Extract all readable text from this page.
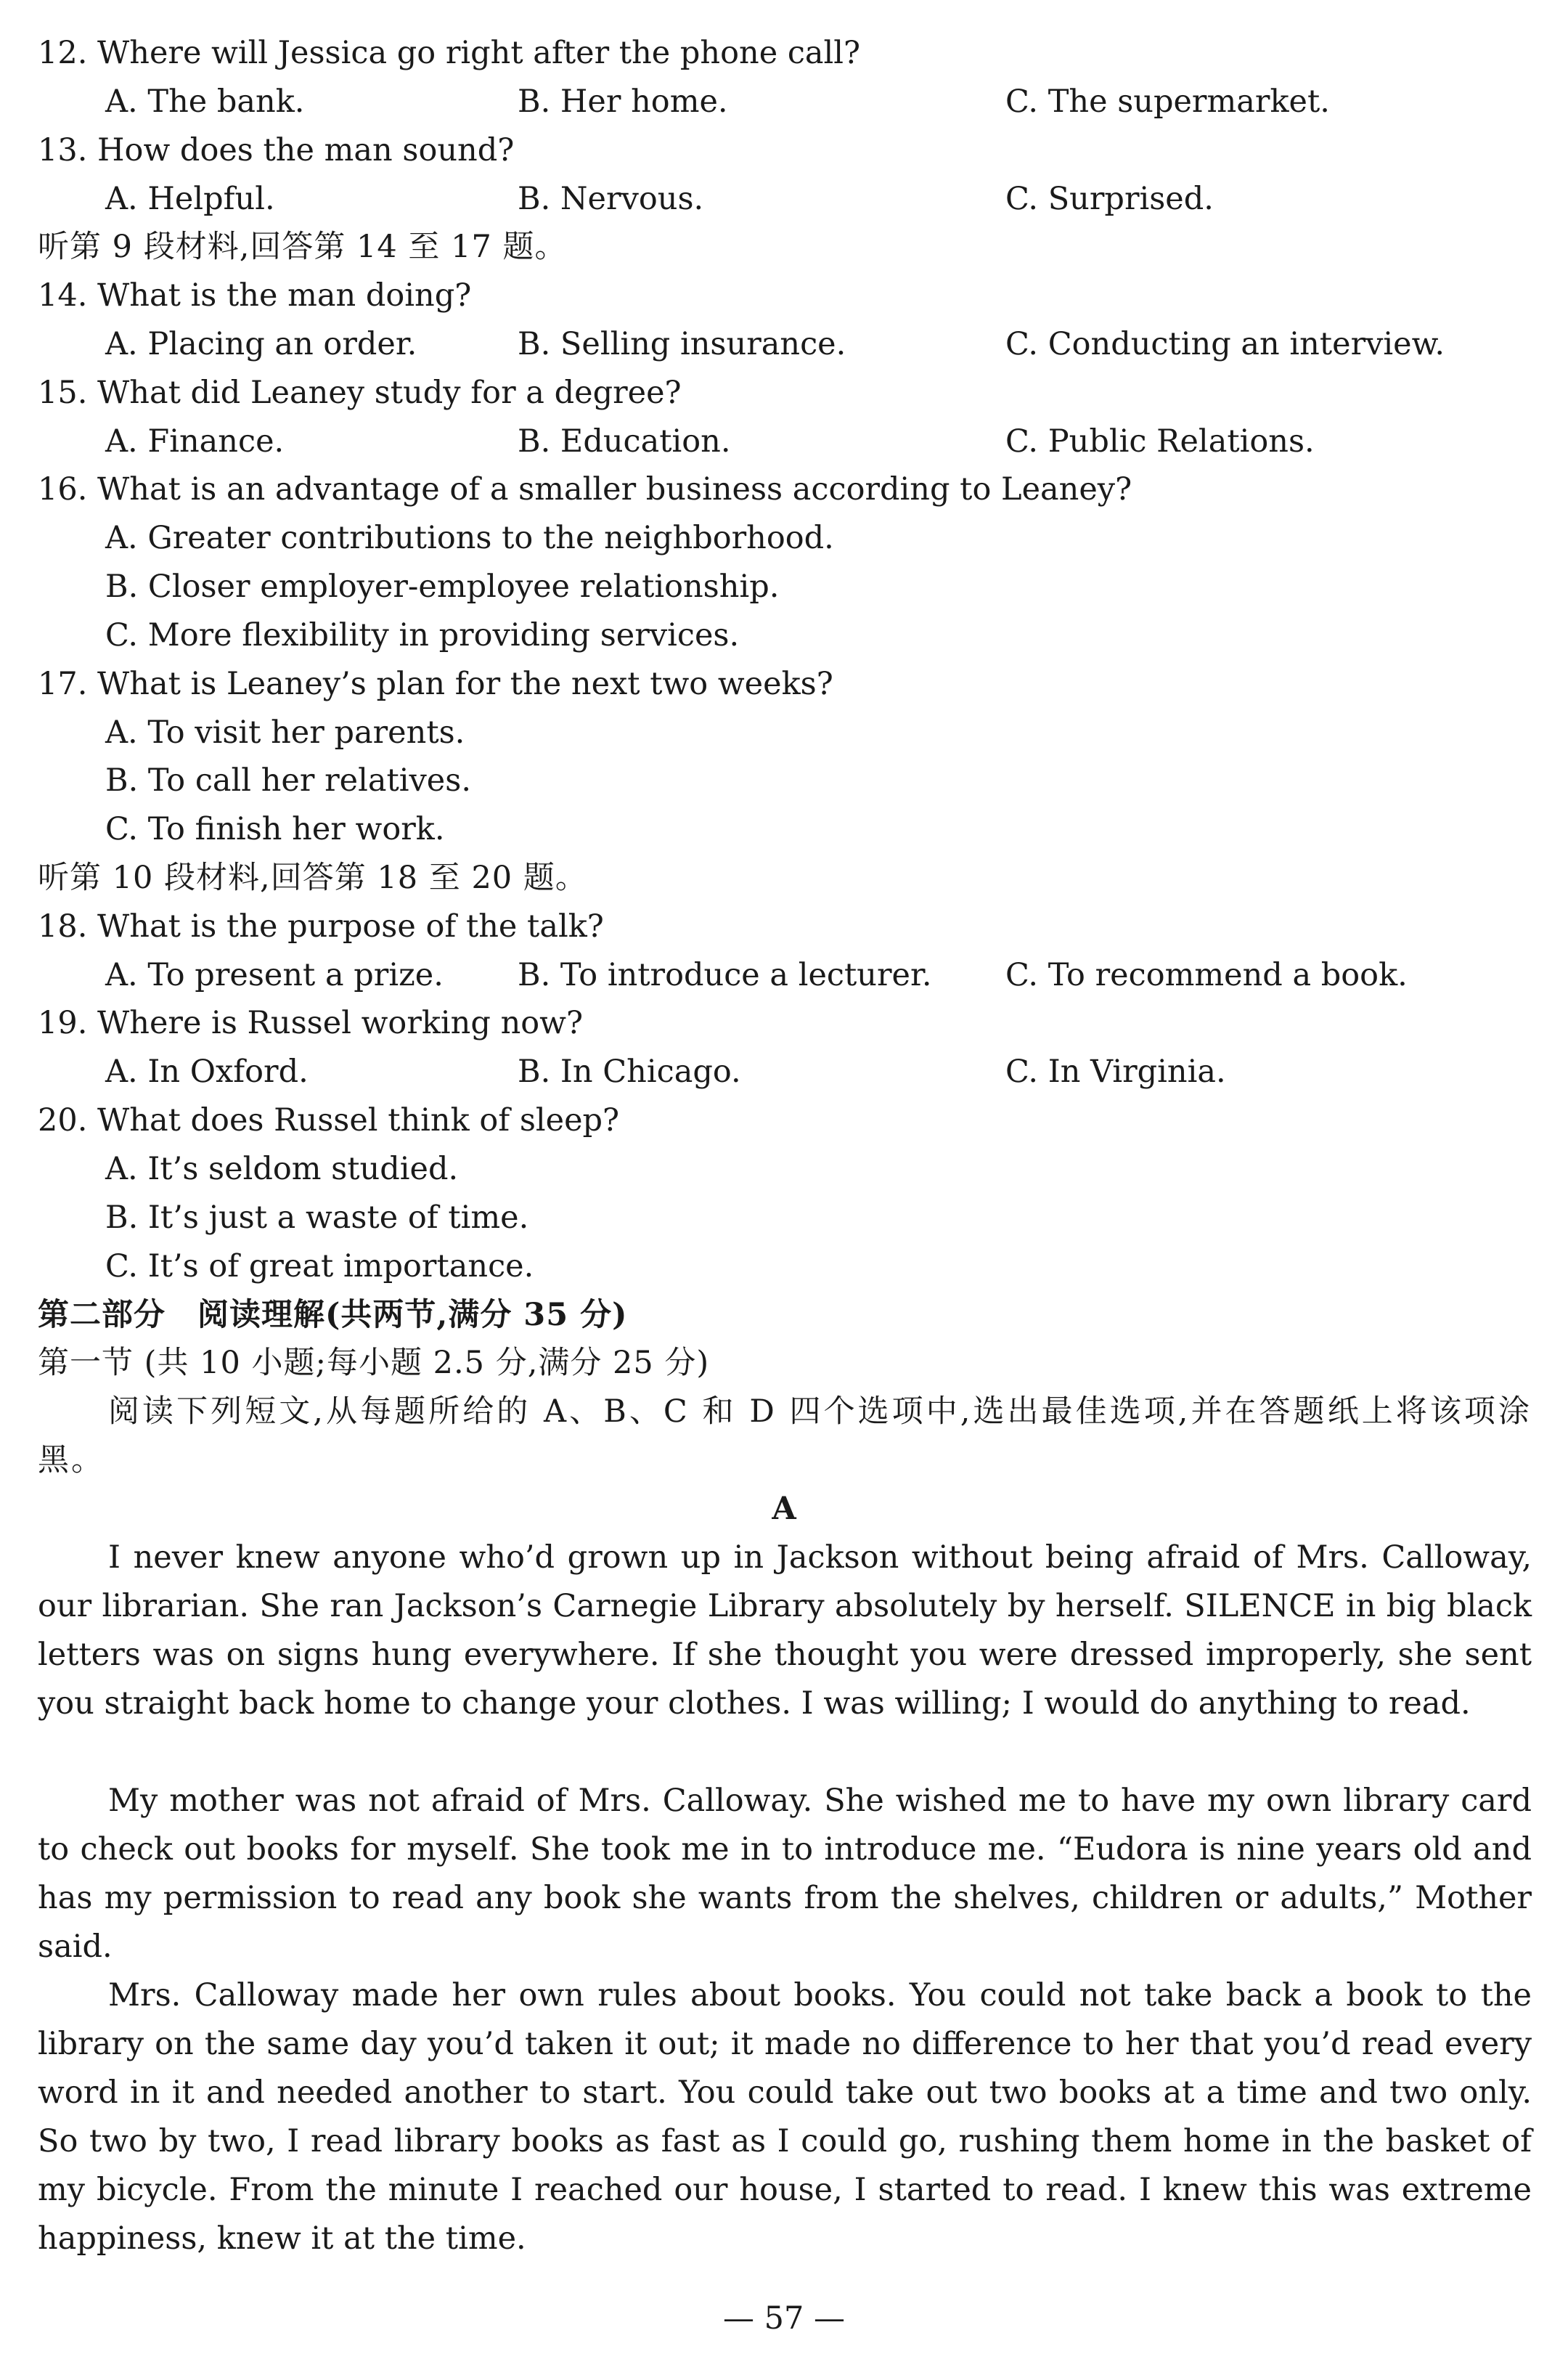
12. Where will Jessica go right after the phone call?
A. The bank.	B. Her home.	C. The supermarket.
13. How does the man sound?
A. Helpful.	B. Nervous.	C. Surprised.
听第 9 段材料,回答第 14 至 17 题。
14. What is the man doing?
A. Placing an order.	B. Selling insurance.	C. Conducting an interview.
15. What did Leaney study for a degree?
A. Finance.	B. Education.	C. Public Relations.
16. What is an advantage of a smaller business according to Leaney?
A. Greater contributions to the neighborhood.
B. Closer employer-employee relationship.
C. More flexibility in providing services.
17. What is Leaney’s plan for the next two weeks?
A. To visit her parents.
B. To call her relatives.
C. To finish her work.
听第 10 段材料,回答第 18 至 20 题。
18. What is the purpose of the talk?
A. To present a prize. B. To introduce a lecturer. C. To recommend a book.
19. Where is Russel working now?
A. In Oxford.	B. In Chicago.	C. In Virginia.
20. What does Russel think of sleep?
A. It’s seldom studied.
B. It’s just a waste of time.
C. It’s of great importance.
第二部分　阅读理解(共两节,满分 35 分)
第一节 (共 10 小题;每小题 2.5 分,满分 25 分)

阅读下列短文,从每题所给的 A、B、C 和 D 四个选项中,选出最佳选项,并在答题纸上将该项涂黑。

A

I never knew anyone who’d grown up in Jackson without being afraid of Mrs. Calloway, our librarian. She ran Jackson’s Carnegie Library absolutely by herself. SILENCE in big black letters was on signs hung everywhere. If she thought you were dressed improperly, she sent you straight back home to change your clothes. I was willing; I would do anything to read.

My mother was not afraid of Mrs. Calloway. She wished me to have my own library card to check out books for myself. She took me in to introduce me. “Eudora is nine years old and has my permission to read any book she wants from the shelves, children or adults,” Mother said.

Mrs. Calloway made her own rules about books. You could not take back a book to the library on the same day you’d taken it out; it made no difference to her that you’d read every word in it and needed another to start. You could take out two books at a time and two only. So two by two, I read library books as fast as I could go, rushing them home in the basket of my bicycle. From the minute I reached our house, I started to read. I knew this was extreme happiness, knew it at the time.

— 57 —
